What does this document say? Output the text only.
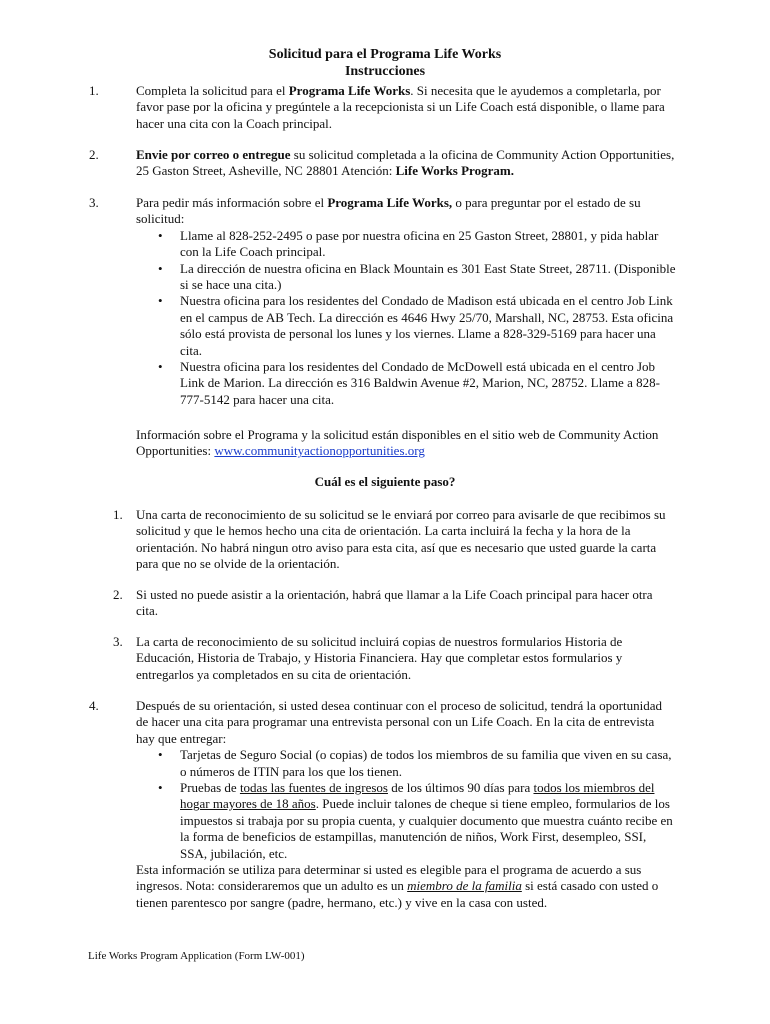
Solicitud para el Programa Life Works
Instrucciones
1.	Completa la solicitud para el Programa Life Works. Si necesita que le ayudemos a completarla, por favor pase por la oficina y pregúntele a la recepcionista si un Life Coach está disponible, o llame para hacer una cita con la Coach principal.

2.	Envie por correo o entregue su solicitud completada a la oficina de Community Action Opportunities, 25 Gaston Street, Asheville, NC 28801 Atención: Life Works Program.

3.	Para pedir más información sobre el Programa Life Works, o para preguntar por el estado de su solicitud:

• Llame al 828-252-2495 o pase por nuestra oficina en 25 Gaston Street, 28801, y pida hablar con la Life Coach principal.
• La dirección de nuestra oficina en Black Mountain es 301 East State Street, 28711. (Disponible si se hace una cita.)
• Nuestra oficina para los residentes del Condado de Madison está ubicada en el centro Job Link en el campus de AB Tech. La dirección es 4646 Hwy 25/70, Marshall, NC, 28753. Esta oficina sólo está provista de personal los lunes y los viernes. Llame a 828-329-5169 para hacer una cita.
• Nuestra oficina para los residentes del Condado de McDowell está ubicada en el centro Job Link de Marion. La dirección es 316 Baldwin Avenue #2, Marion, NC, 28752. Llame a 828-777-5142 para hacer una cita.

Información sobre el Programa y la solicitud están disponibles en el sitio web de Community Action Opportunities: www.communityactionopportunities.org

Cuál es el siguiente paso?
1. Una carta de reconocimiento de su solicitud se le enviará por correo para avisarle de que recibimos su solicitud y que le hemos hecho una cita de orientación. La carta incluirá la fecha y la hora de la orientación. No habrá ningun otro aviso para esta cita, así que es necesario que usted guarde la carta para que no se olvide de la orientación.

2. Si usted no puede asistir a la orientación, habrá que llamar a la Life Coach principal para hacer otra cita.

3. La carta de reconocimiento de su solicitud incluirá copias de nuestros formularios Historia de Educación, Historia de Trabajo, y Historia Financiera. Hay que completar estos formularios y entregarlos ya completados en su cita de orientación.

4.	Después de su orientación, si usted desea continuar con el proceso de solicitud, tendrá la oportunidad de hacer una cita para programar una entrevista personal con un Life Coach. En la cita de entrevista hay que entregar:

• Tarjetas de Seguro Social (o copias) de todos los miembros de su familia que viven en su casa, o números de ITIN para los que los tienen.
• Pruebas de todas las fuentes de ingresos de los últimos 90 días para todos los miembros del hogar mayores de 18 años. Puede incluir talones de cheque si tiene empleo, formularios de los impuestos si trabaja por su propia cuenta, y cualquier documento que muestra cuánto recibe en la forma de beneficios de estampillas, manutención de niños, Work First, desempleo, SSI, SSA, jubilación, etc.

Esta información se utiliza para determinar si usted es elegible para el programa de acuerdo a sus ingresos. Nota: consideraremos que un adulto es un miembro de la familia si está casado con usted o tienen parentesco por sangre (padre, hermano, etc.) y vive en la casa con usted.

Life Works Program Application (Form LW-001)
